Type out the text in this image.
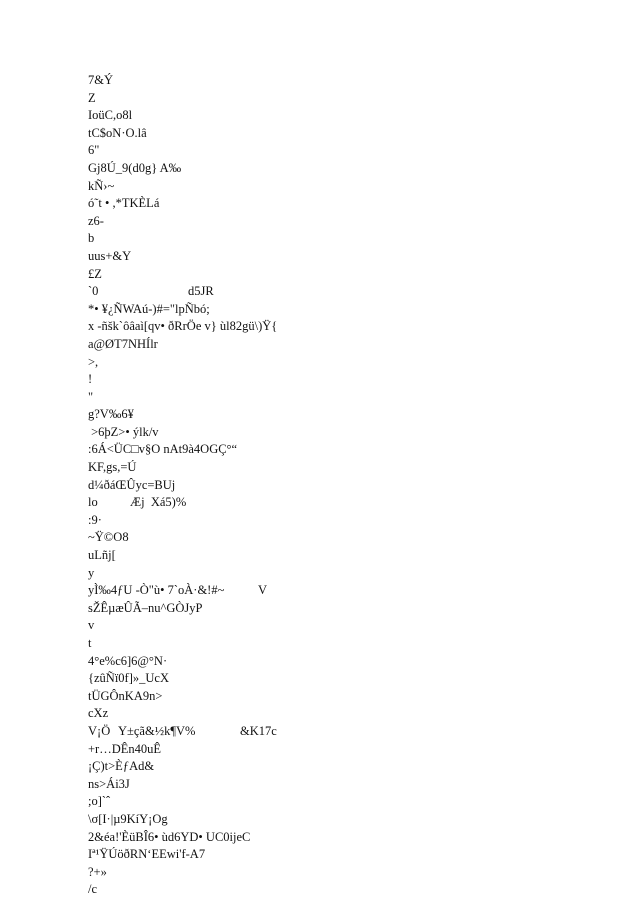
7&Ý
Z
IoüC,o8l
tC$oN·O.lâ
6"
Gj8Ú_9(d0g} A‰
kÑ›~
ó˜t • ,*TKÈLá
z6-
b
uus+&Y
£Z
`0	d5JR
*• ¥¿ÑWAú-)#="lpÑbó;
x -ñšk`ôâaì[qv• ðRrÖe v} ùl82gü\)Ÿ{
a@ØT7NHÍlr
>,
!
"
g?V‰6¥
>6þZ>• ýlk/v
:6Á<ÜC□v§O nAt9à4OGÇ°“
KF,gs,=Ú
d¼ðáŒÛyc=BUj
lo	Æj  Xá5)%
:9·
~Ÿ©O8
uLñj[
y
yÌ‰4ƒU -Ò"ù• 7`oÀ·&!#~	V
sŽÊµæÛÃ–nu^GÒJyP
v
t
4°e%c6]6@°N·
{zûÑï0f]»_UcX
tÜGÔnKA9n>
cXz
V¡Ö Y±çã&½k¶V%	&K17c
+r…DÊn40uÊ
¡Ç)t>ÈƒAd&
ns>Ái3J
;o]`ˆ
\σ[I·|µ9KíY¡Og
2&éa!'ÈüBÎ6• ùd6YD• UC0ijeC
Iª¹ŸÚöðRN‘EEwi'f-A7
?+»
/c
